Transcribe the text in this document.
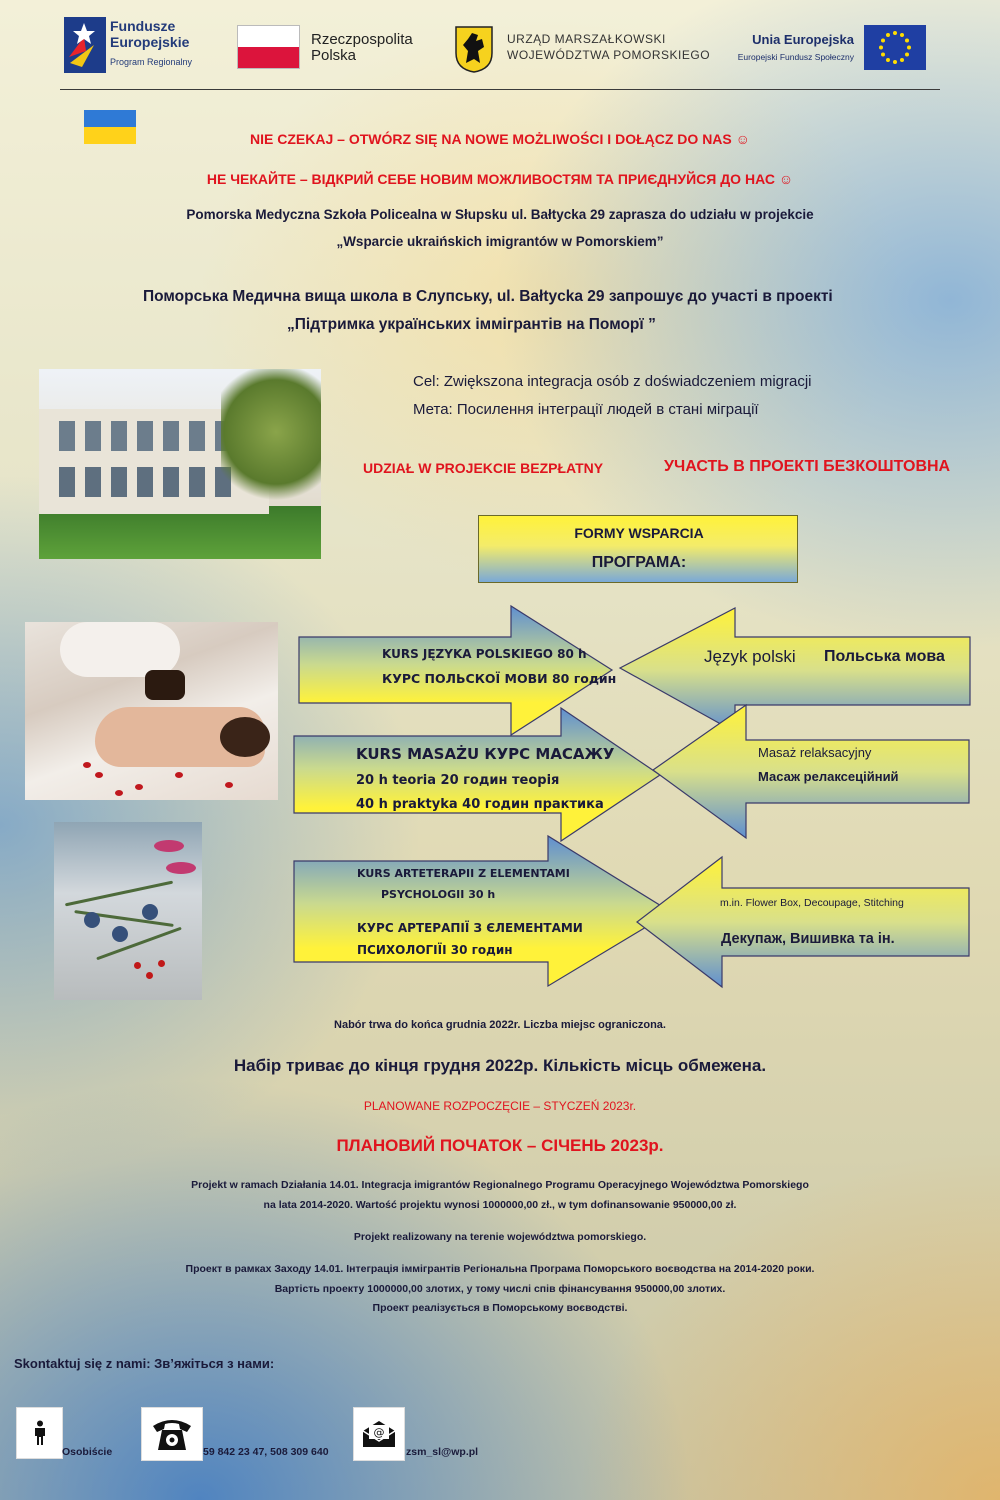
Fundusze
Europejskie
Program Regionalny
Rzeczpospolita
Polska
URZĄD MARSZAŁKOWSKI
WOJEWÓDZTWA POMORSKIEGO
Unia Europejska
Europejski Fundusz Społeczny
NIE CZEKAJ – OTWÓRZ SIĘ NA NOWE MOŻLIWOŚCI I DOŁĄCZ DO NAS ☺
НЕ ЧЕКАЙТЕ – ВІДКРИЙ СЕБЕ НОВИМ МОЖЛИВОСТЯМ ТА ПРИЄДНУЙСЯ ДО НАС ☺
Pomorska Medyczna Szkoła Policealna w Słupsku ul. Bałtycka 29 zaprasza do udziału w projekcie
„Wsparcie ukraińskich imigrantów w Pomorskiem”
Поморська Медична вища школа в Слупську, ul. Bałtycka 29 запрошує до участі в проекті
„Підтримка українських іммігрантів на Поморї ”
Cel: Zwiększona integracja osób z doświadczeniem migracji
Мета: Посилення інтеграції людей в стані міграції
UDZIAŁ W PROJEKCIE BEZPŁATNY	УЧАСТЬ В ПРОЕКТІ БЕЗКОШТОВНА
FORMY WSPARCIA
ПРОГРАМА:
KURS JĘZYKA POLSKIEGO 80 h
КУРС ПОЛЬСКОЇ МОВИ 80 годин
Język polski Польська мова
KURS MASAŻU КУРС МАСАЖУ
20 h teoria 20 годин теорія
40 h praktyka 40 годин практика
Masaż relaksacyjny
Масаж релаксеційний
KURS ARTETERAPII Z ELEMENTAMI
PSYCHOLOGII 30 h
КУРС АРТЕРАПІЇ З ЄЛЕМЕНТАМИ
ПСИХОЛОГІЇІ 30 годин
m.in. Flower Box, Decoupage, Stitching
Декупаж, Вишивка та ін.
Nabór trwa do końca grudnia 2022r. Liczba miejsc ograniczona.
Набір триває до кінця грудня 2022р. Кількість місць обмежена.
PLANOWANE ROZPOCZĘCIE – STYCZEŃ 2023r.
ПЛАНОВИЙ ПОЧАТОК – СІЧЕНЬ 2023р.
Projekt w ramach Działania 14.01. Integracja imigrantów Regionalnego Programu Operacyjnego Województwa Pomorskiego
na lata 2014-2020. Wartość projektu wynosi 1000000,00 zł., w tym dofinansowanie 950000,00 zł.
Projekt realizowany na terenie województwa pomorskiego.
Проект в рамках Заходу 14.01. Інтеграція іммігрантів Регіональна Програма Поморського воєводства на 2014-2020 роки.
Вартість проекту 1000000,00 злотих, у тому числі спів фінансування 950000,00 злотих.
Проект реалізується в Поморському воєводстві.
Skontaktuj się z nami: Зв’яжіться з нами:
Osobiście	59 842 23 47, 508 309 640
@
zsm_sl@wp.pl
